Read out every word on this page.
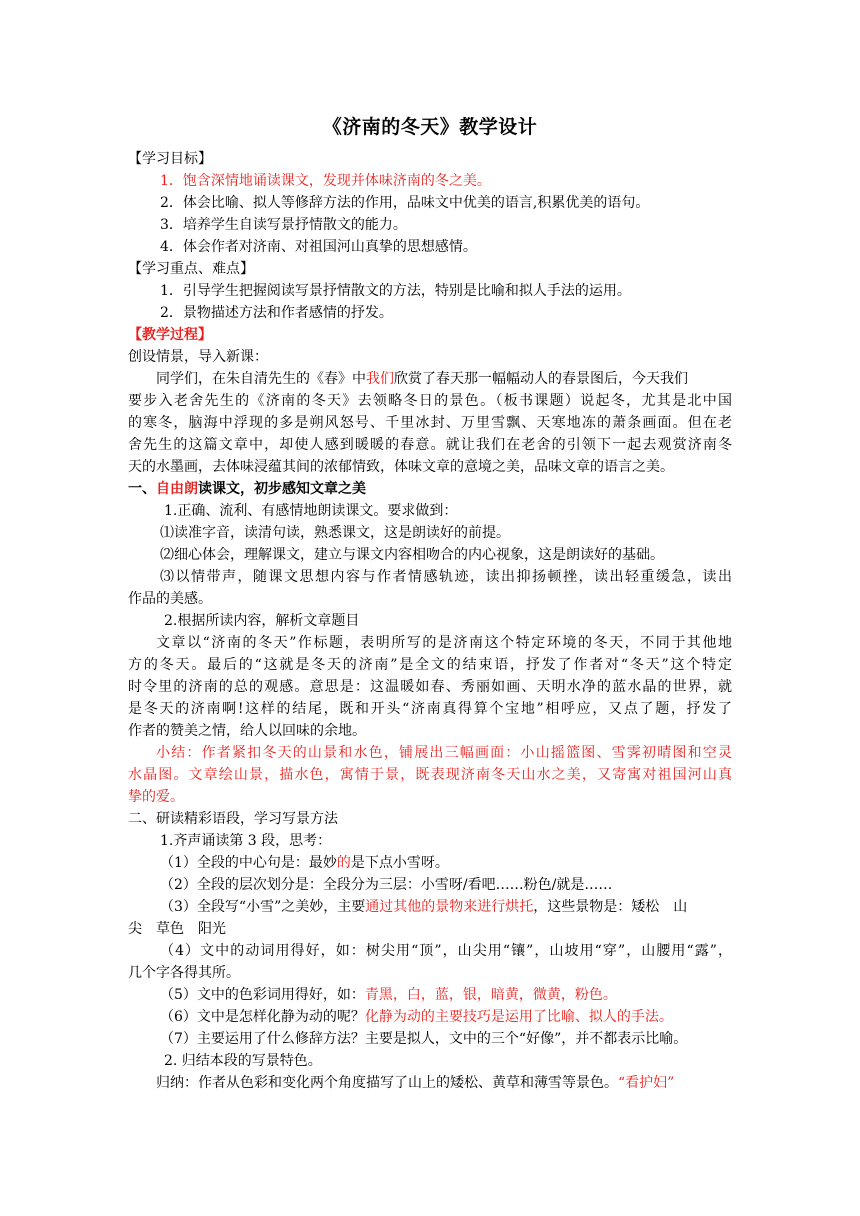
《济南的冬天》教学设计
【学习目标】
1．饱含深情地诵读课文，发现并体味济南的冬之美。
2．体会比喻、拟人等修辞方法的作用，品味文中优美的语言,积累优美的语句。
3．培养学生自读写景抒情散文的能力。
4．体会作者对济南、对祖国河山真挚的思想感情。
【学习重点、难点】
1．引导学生把握阅读写景抒情散文的方法，特别是比喻和拟人手法的运用。
2．景物描述方法和作者感情的抒发。
【教学过程】
创设情景，导入新课：
同学们，在朱自清先生的《春》中我们欣赏了春天那一幅幅动人的春景图后，今天我们
要步入老舍先生的《济南的冬天》去领略冬日的景色。（板书课题）说起冬，尤其是北中国
的寒冬，脑海中浮现的多是朔风怒号、千里冰封、万里雪飘、天寒地冻的萧条画面。但在老
舍先生的这篇文章中，却使人感到暖暖的春意。就让我们在老舍的引领下一起去观赏济南冬
天的水墨画，去体味浸蕴其间的浓郁情致，体味文章的意境之美，品味文章的语言之美。
一、自由朗读课文，初步感知文章之美
1.正确、流利、有感情地朗读课文。要求做到：
⑴读准字音，读清句读，熟悉课文，这是朗读好的前提。
⑵细心体会，理解课文，建立与课文内容相吻合的内心视象，这是朗读好的基础。
⑶以情带声，随课文思想内容与作者情感轨迹，读出抑扬顿挫，读出轻重缓急，读出
作品的美感。
2.根据所读内容，解析文章题目
文章以“济南的冬天”作标题，表明所写的是济南这个特定环境的冬天，不同于其他地
方的冬天。最后的“这就是冬天的济南”是全文的结束语，抒发了作者对“冬天”这个特定
时令里的济南的总的观感。意思是：这温暖如春、秀丽如画、天明水净的蓝水晶的世界，就
是冬天的济南啊!这样的结尾，既和开头“济南真得算个宝地”相呼应，又点了题，抒发了
作者的赞美之情，给人以回味的余地。
小结：作者紧扣冬天的山景和水色，铺展出三幅画面：小山摇篮图、雪霁初晴图和空灵
水晶图。文章绘山景，描水色，寓情于景，既表现济南冬天山水之美，又寄寓对祖国河山真
挚的爱。
二、研读精彩语段，学习写景方法
1.齐声诵读第 3 段，思考：
（1）全段的中心句是：最妙的是下点小雪呀。
（2）全段的层次划分是：全段分为三层：小雪呀/看吧……粉色/就是……
（3）全段写“小雪”之美妙，主要通过其他的景物来进行烘托，这些景物是：矮松　山
尖　草色　阳光
（4）文中的动词用得好，如：树尖用“顶”，山尖用“镶”，山坡用“穿”，山腰用“露”，
几个字各得其所。
（5）文中的色彩词用得好，如：青黑，白，蓝，银，暗黄，微黄，粉色。
（6）文中是怎样化静为动的呢？化静为动的主要技巧是运用了比喻、拟人的手法。
（7）主要运用了什么修辞方法？主要是拟人，文中的三个“好像”，并不都表示比喻。
2. 归结本段的写景特色。
归纳：作者从色彩和变化两个角度描写了山上的矮松、黄草和薄雪等景色。“看护妇”
